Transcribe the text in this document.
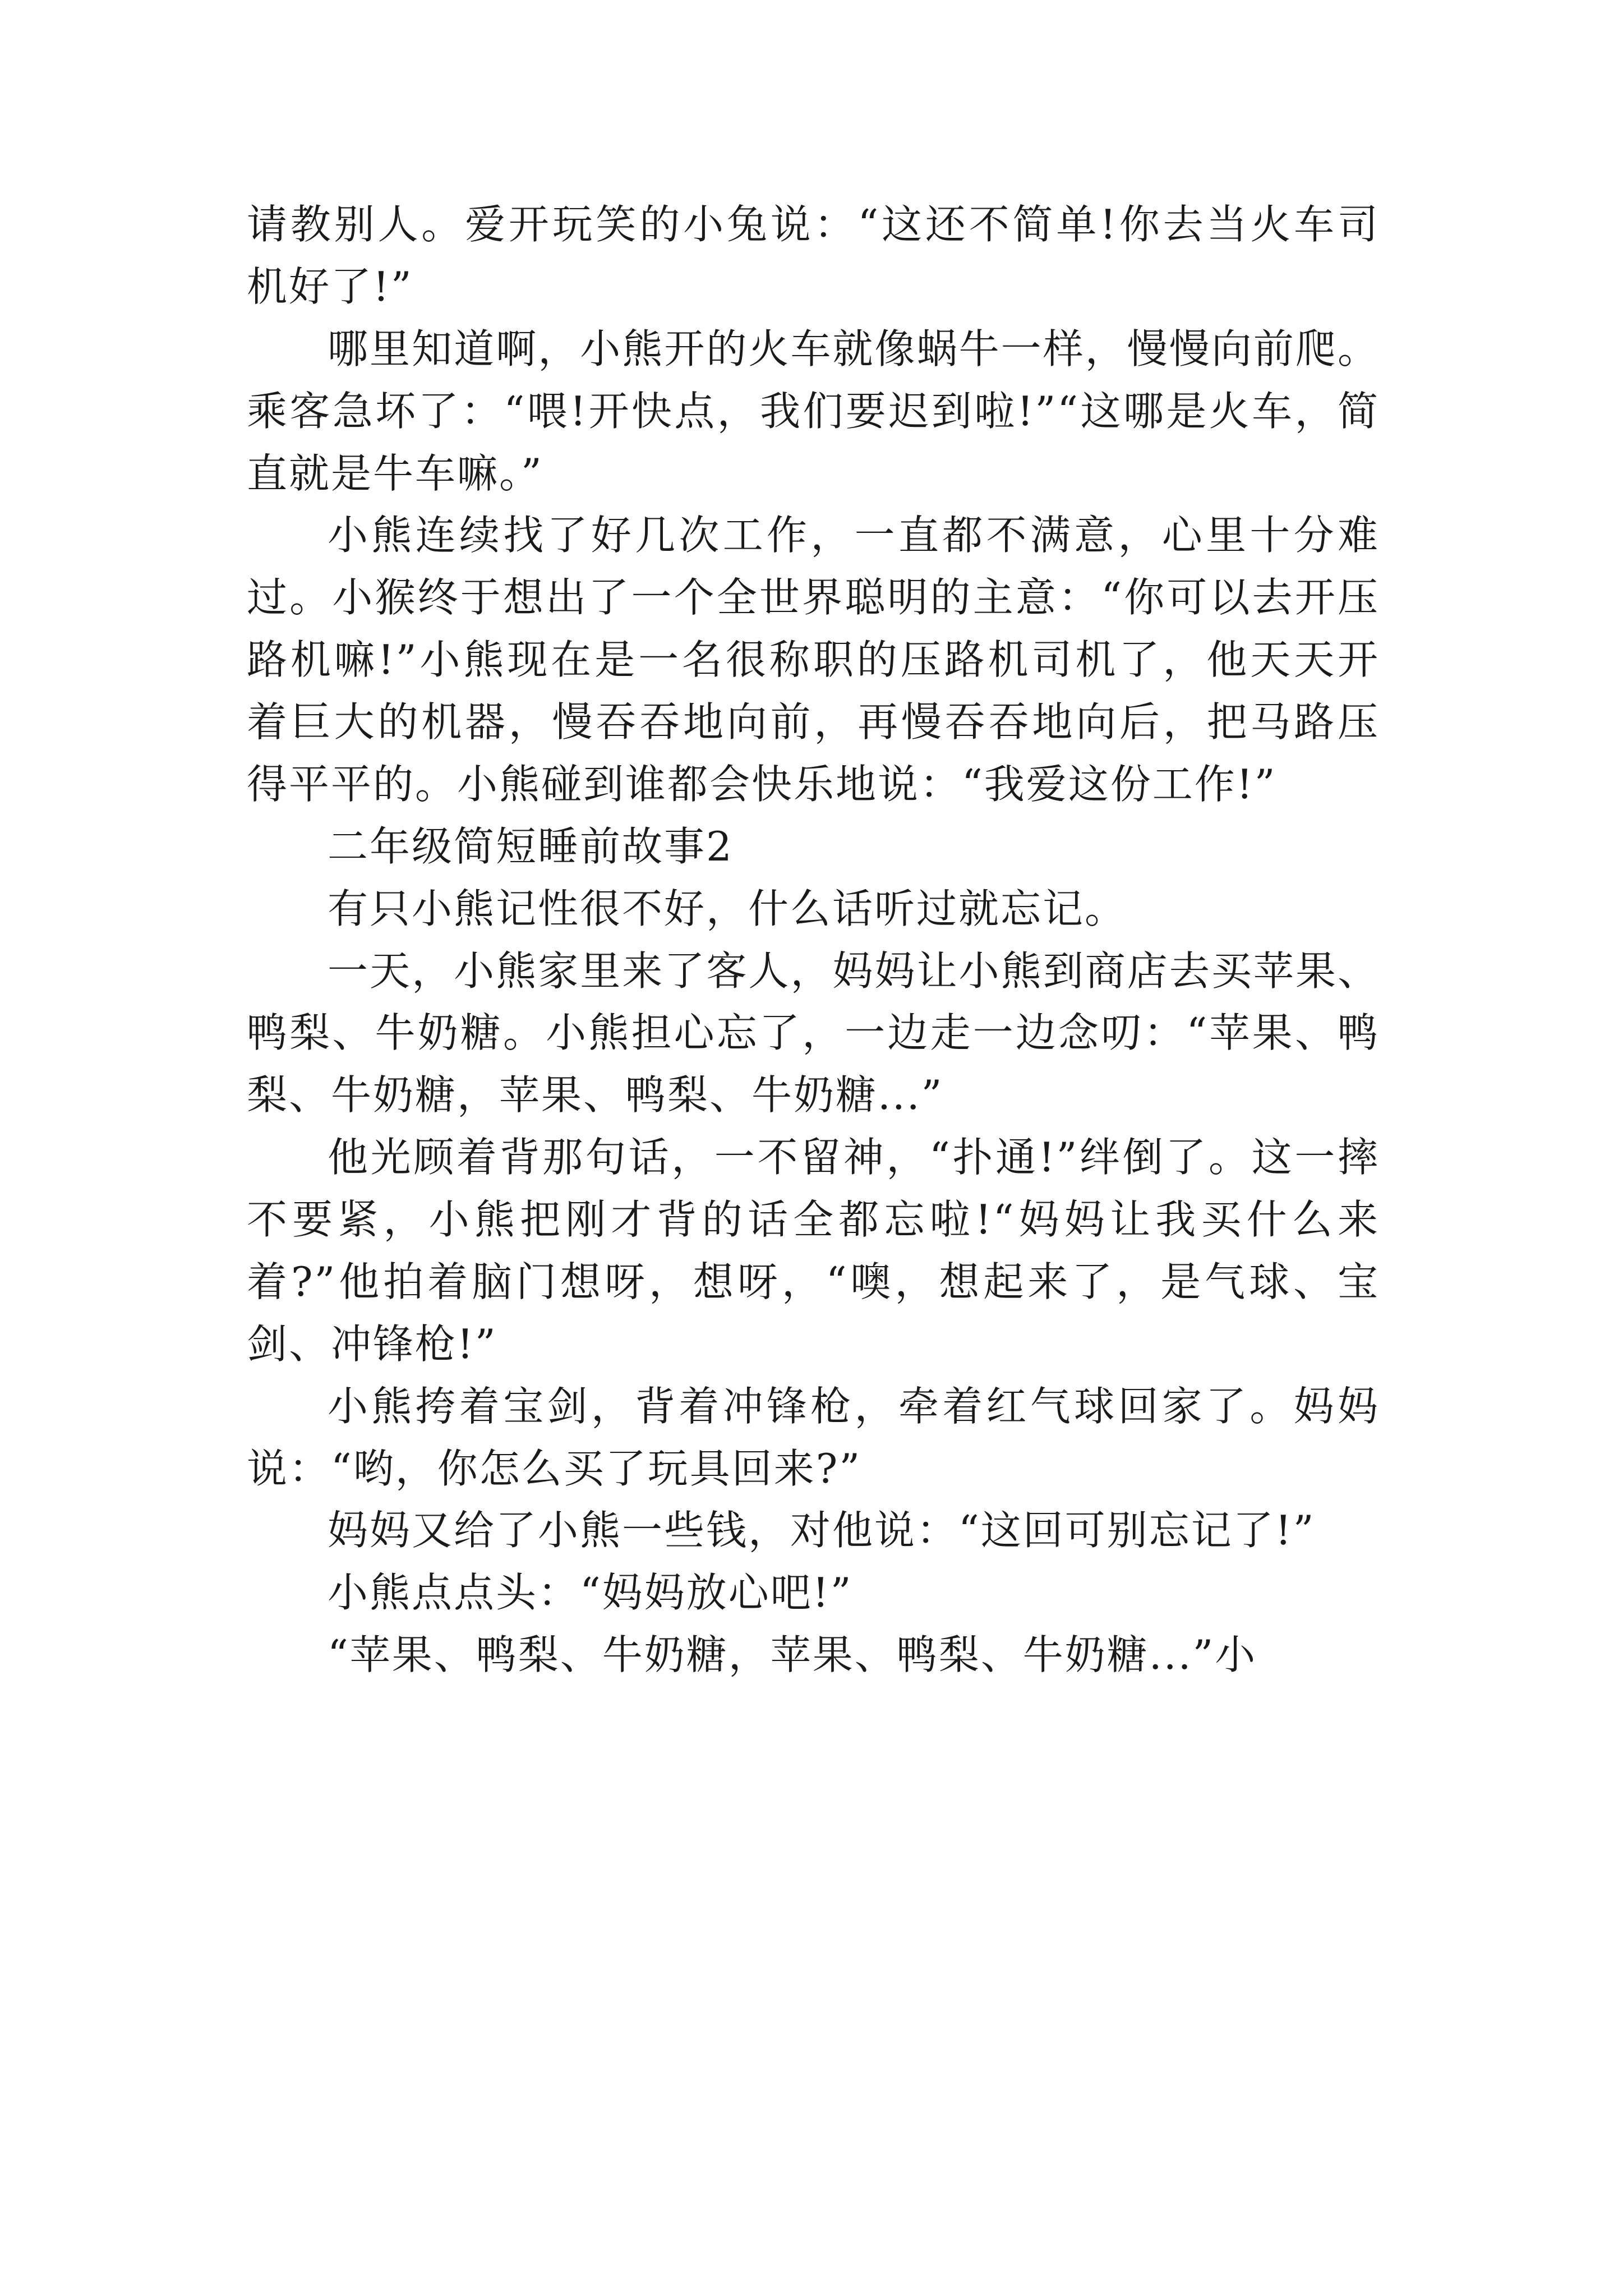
请教别人。爱开玩笑的小兔说：“这还不简单!你去当火车司机好了!”

哪里知道啊，小熊开的火车就像蜗牛一样，慢慢向前爬。乘客急坏了：“喂!开快点，我们要迟到啦!”“这哪是火车，简直就是牛车嘛。”

小熊连续找了好几次工作，一直都不满意，心里十分难过。小猴终于想出了一个全世界聪明的主意：“你可以去开压路机嘛!”小熊现在是一名很称职的压路机司机了，他天天开着巨大的机器，慢吞吞地向前，再慢吞吞地向后，把马路压得平平的。小熊碰到谁都会快乐地说：“我爱这份工作!”

二年级简短睡前故事2

有只小熊记性很不好，什么话听过就忘记。

一天，小熊家里来了客人，妈妈让小熊到商店去买苹果、鸭梨、牛奶糖。小熊担心忘了，一边走一边念叨：“苹果、鸭梨、牛奶糖，苹果、鸭梨、牛奶糖...”

他光顾着背那句话，一不留神，“扑通!”绊倒了。这一摔不要紧，小熊把刚才背的话全都忘啦!“妈妈让我买什么来着?”他拍着脑门想呀，想呀，“噢，想起来了，是气球、宝剑、冲锋枪!”

小熊挎着宝剑，背着冲锋枪，牵着红气球回家了。妈妈说：“哟，你怎么买了玩具回来?”

妈妈又给了小熊一些钱，对他说：“这回可别忘记了!”

小熊点点头：“妈妈放心吧!”

“苹果、鸭梨、牛奶糖，苹果、鸭梨、牛奶糖...”小
